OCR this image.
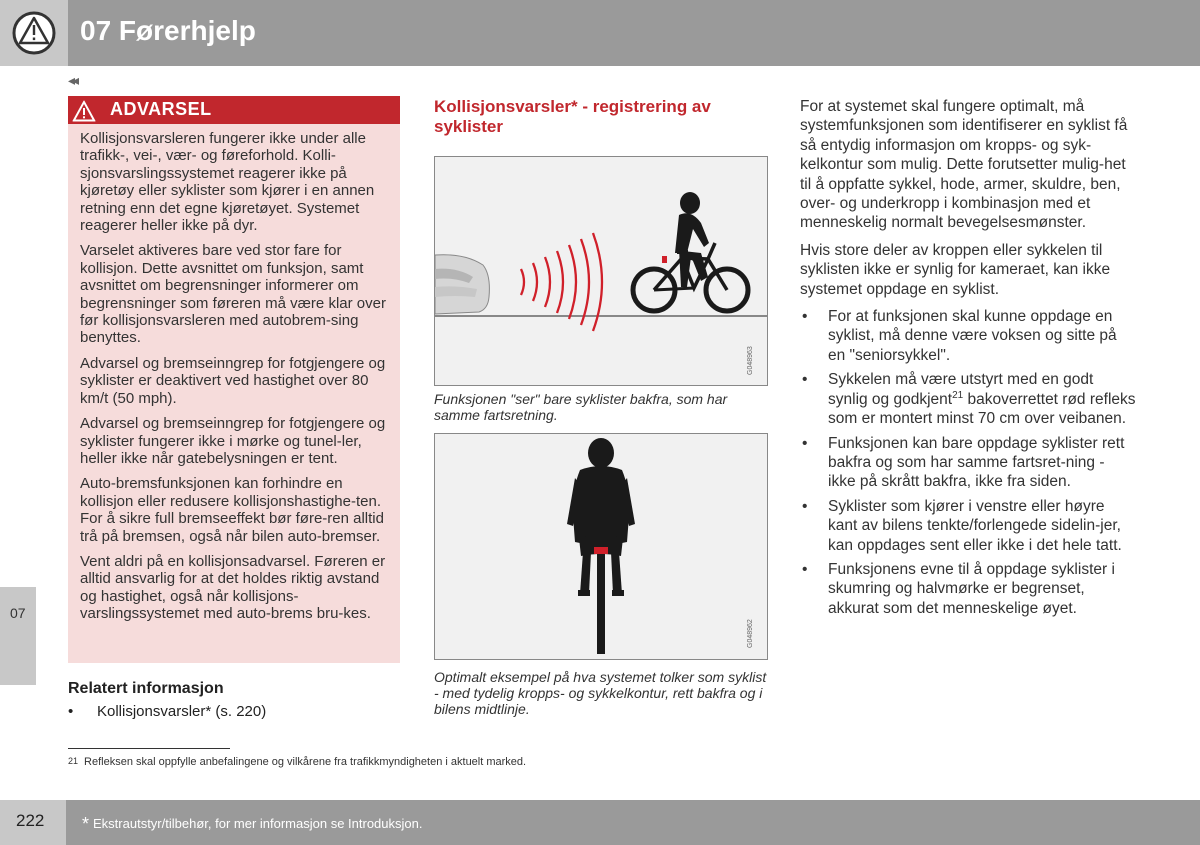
07 Førerhjelp
◂◂
07
ADVARSEL

Kollisjonsvarsleren fungerer ikke under alle trafikk-, vei-, vær- og føreforhold. Kolli-sjonsvarslingssystemet reagerer ikke på kjøretøy eller syklister som kjører i en annen retning enn det egne kjøretøyet. Systemet reagerer heller ikke på dyr.

Varselet aktiveres bare ved stor fare for kollisjon. Dette avsnittet om funksjon, samt avsnittet om begrensninger informerer om begrensninger som føreren må være klar over før kollisjonsvarsleren med autobrem-sing benyttes.

Advarsel og bremseinngrep for fotgjengere og syklister er deaktivert ved hastighet over 80 km/t (50 mph).

Advarsel og bremseinngrep for fotgjengere og syklister fungerer ikke i mørke og tunel-ler, heller ikke når gatebelysningen er tent.

Auto-bremsfunksjonen kan forhindre en kollisjon eller redusere kollisjonshastighe-ten. For å sikre full bremseeffekt bør føre-ren alltid trå på bremsen, også når bilen auto-bremser.

Vent aldri på en kollisjonsadvarsel. Føreren er alltid ansvarlig for at det holdes riktig avstand og hastighet, også når kollisjons-varslingssystemet med auto-brems bru-kes.

Relatert informasjon
• Kollisjonsvarsler* (s. 220)
Kollisjonsvarsler* - registrering av syklister
G048963
Funksjonen "ser" bare syklister bakfra, som har samme fartsretning.
G048962
Optimalt eksempel på hva systemet tolker som syklist - med tydelig kropps- og sykkelkontur, rett bakfra og i bilens midtlinje.

For at systemet skal fungere optimalt, må systemfunksjonen som identifiserer en syklist få så entydig informasjon om kropps- og syk-kelkontur som mulig. Dette forutsetter mulig-het til å oppfatte sykkel, hode, armer, skuldre, ben, over- og underkropp i kombinasjon med et menneskelig normalt bevegelsesmønster.

Hvis store deler av kroppen eller sykkelen til syklisten ikke er synlig for kameraet, kan ikke systemet oppdage en syklist.

• For at funksjonen skal kunne oppdage en syklist, må denne være voksen og sitte på en "seniorsykkel".
• Sykkelen må være utstyrt med en godt synlig og godkjent$^{21}$ bakoverrettet rød refleks som er montert minst 70 cm over veibanen.
• Funksjonen kan bare oppdage syklister rett bakfra og som har samme fartsret-ning - ikke på skrått bakfra, ikke fra siden.
• Syklister som kjører i venstre eller høyre kant av bilens tenkte/forlengede sidelin-jer, kan oppdages sent eller ikke i det hele tatt.
• Funksjonens evne til å oppdage syklister i skumring og halvmørke er begrenset, akkurat som det menneskelige øyet.
$^{21}$ Refleksen skal oppfylle anbefalingene og vilkårene fra trafikkmyndigheten i aktuelt marked.
222 * Ekstrautstyr/tilbehør, for mer informasjon se Introduksjon.
